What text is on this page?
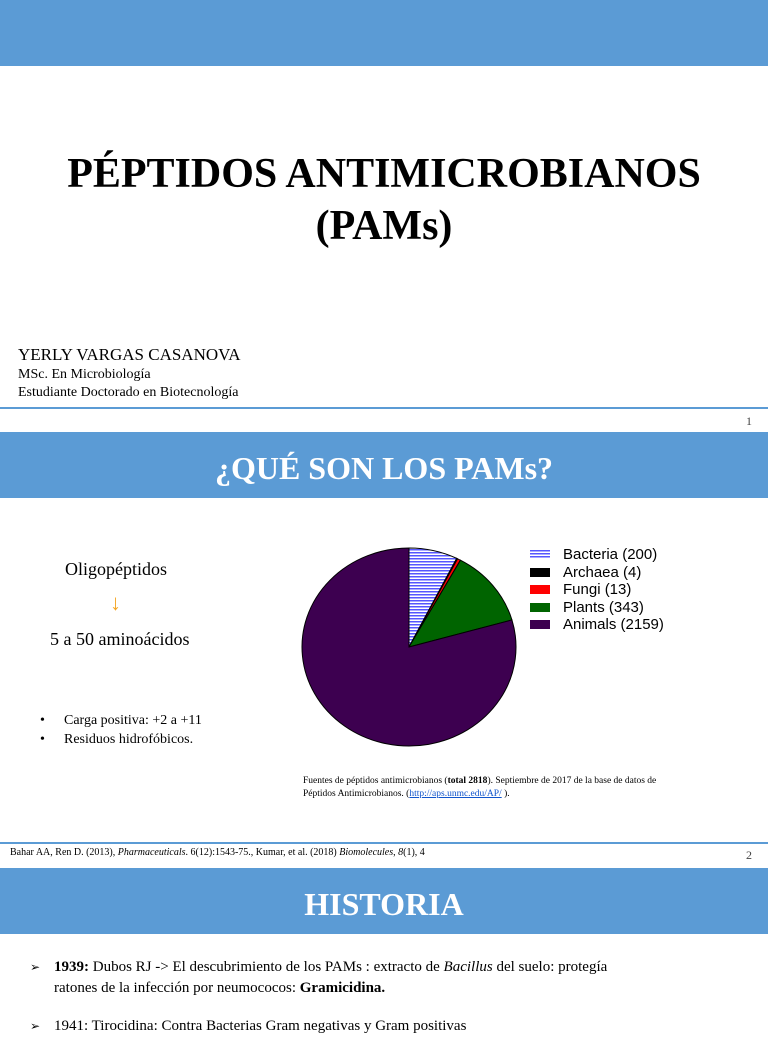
PÉPTIDOS ANTIMICROBIANOS
(PAMs)
YERLY VARGAS CASANOVA
MSc. En Microbiología
Estudiante Doctorado en Biotecnología
1
¿QUÉ SON LOS PAMs?
Oligopéptidos
↓
5 a 50 aminoácidos
• Carga positiva: +2 a +11
• Residuos hidrofóbicos.
Bacteria (200)
Archaea (4)
Fungi (13)
Plants (343)
Animals (2159)
Fuentes de péptidos antimicrobianos (total 2818). Septiembre de 2017 de la base de datos de
Péptidos Antimicrobianos. (http://aps.unmc.edu/AP/ ).
Bahar AA, Ren D. (2013), Pharmaceuticals. 6(12):1543-75., Kumar, et al. (2018) Biomolecules, 8(1), 4	2
HISTORIA
➢ 1939: Dubos RJ -> El descubrimiento de los PAMs : extracto de Bacillus del suelo: protegía
ratones de la infección por neumococos: Gramicidina.
➢ 1941: Tirocidina: Contra Bacterias Gram negativas y Gram positivas
